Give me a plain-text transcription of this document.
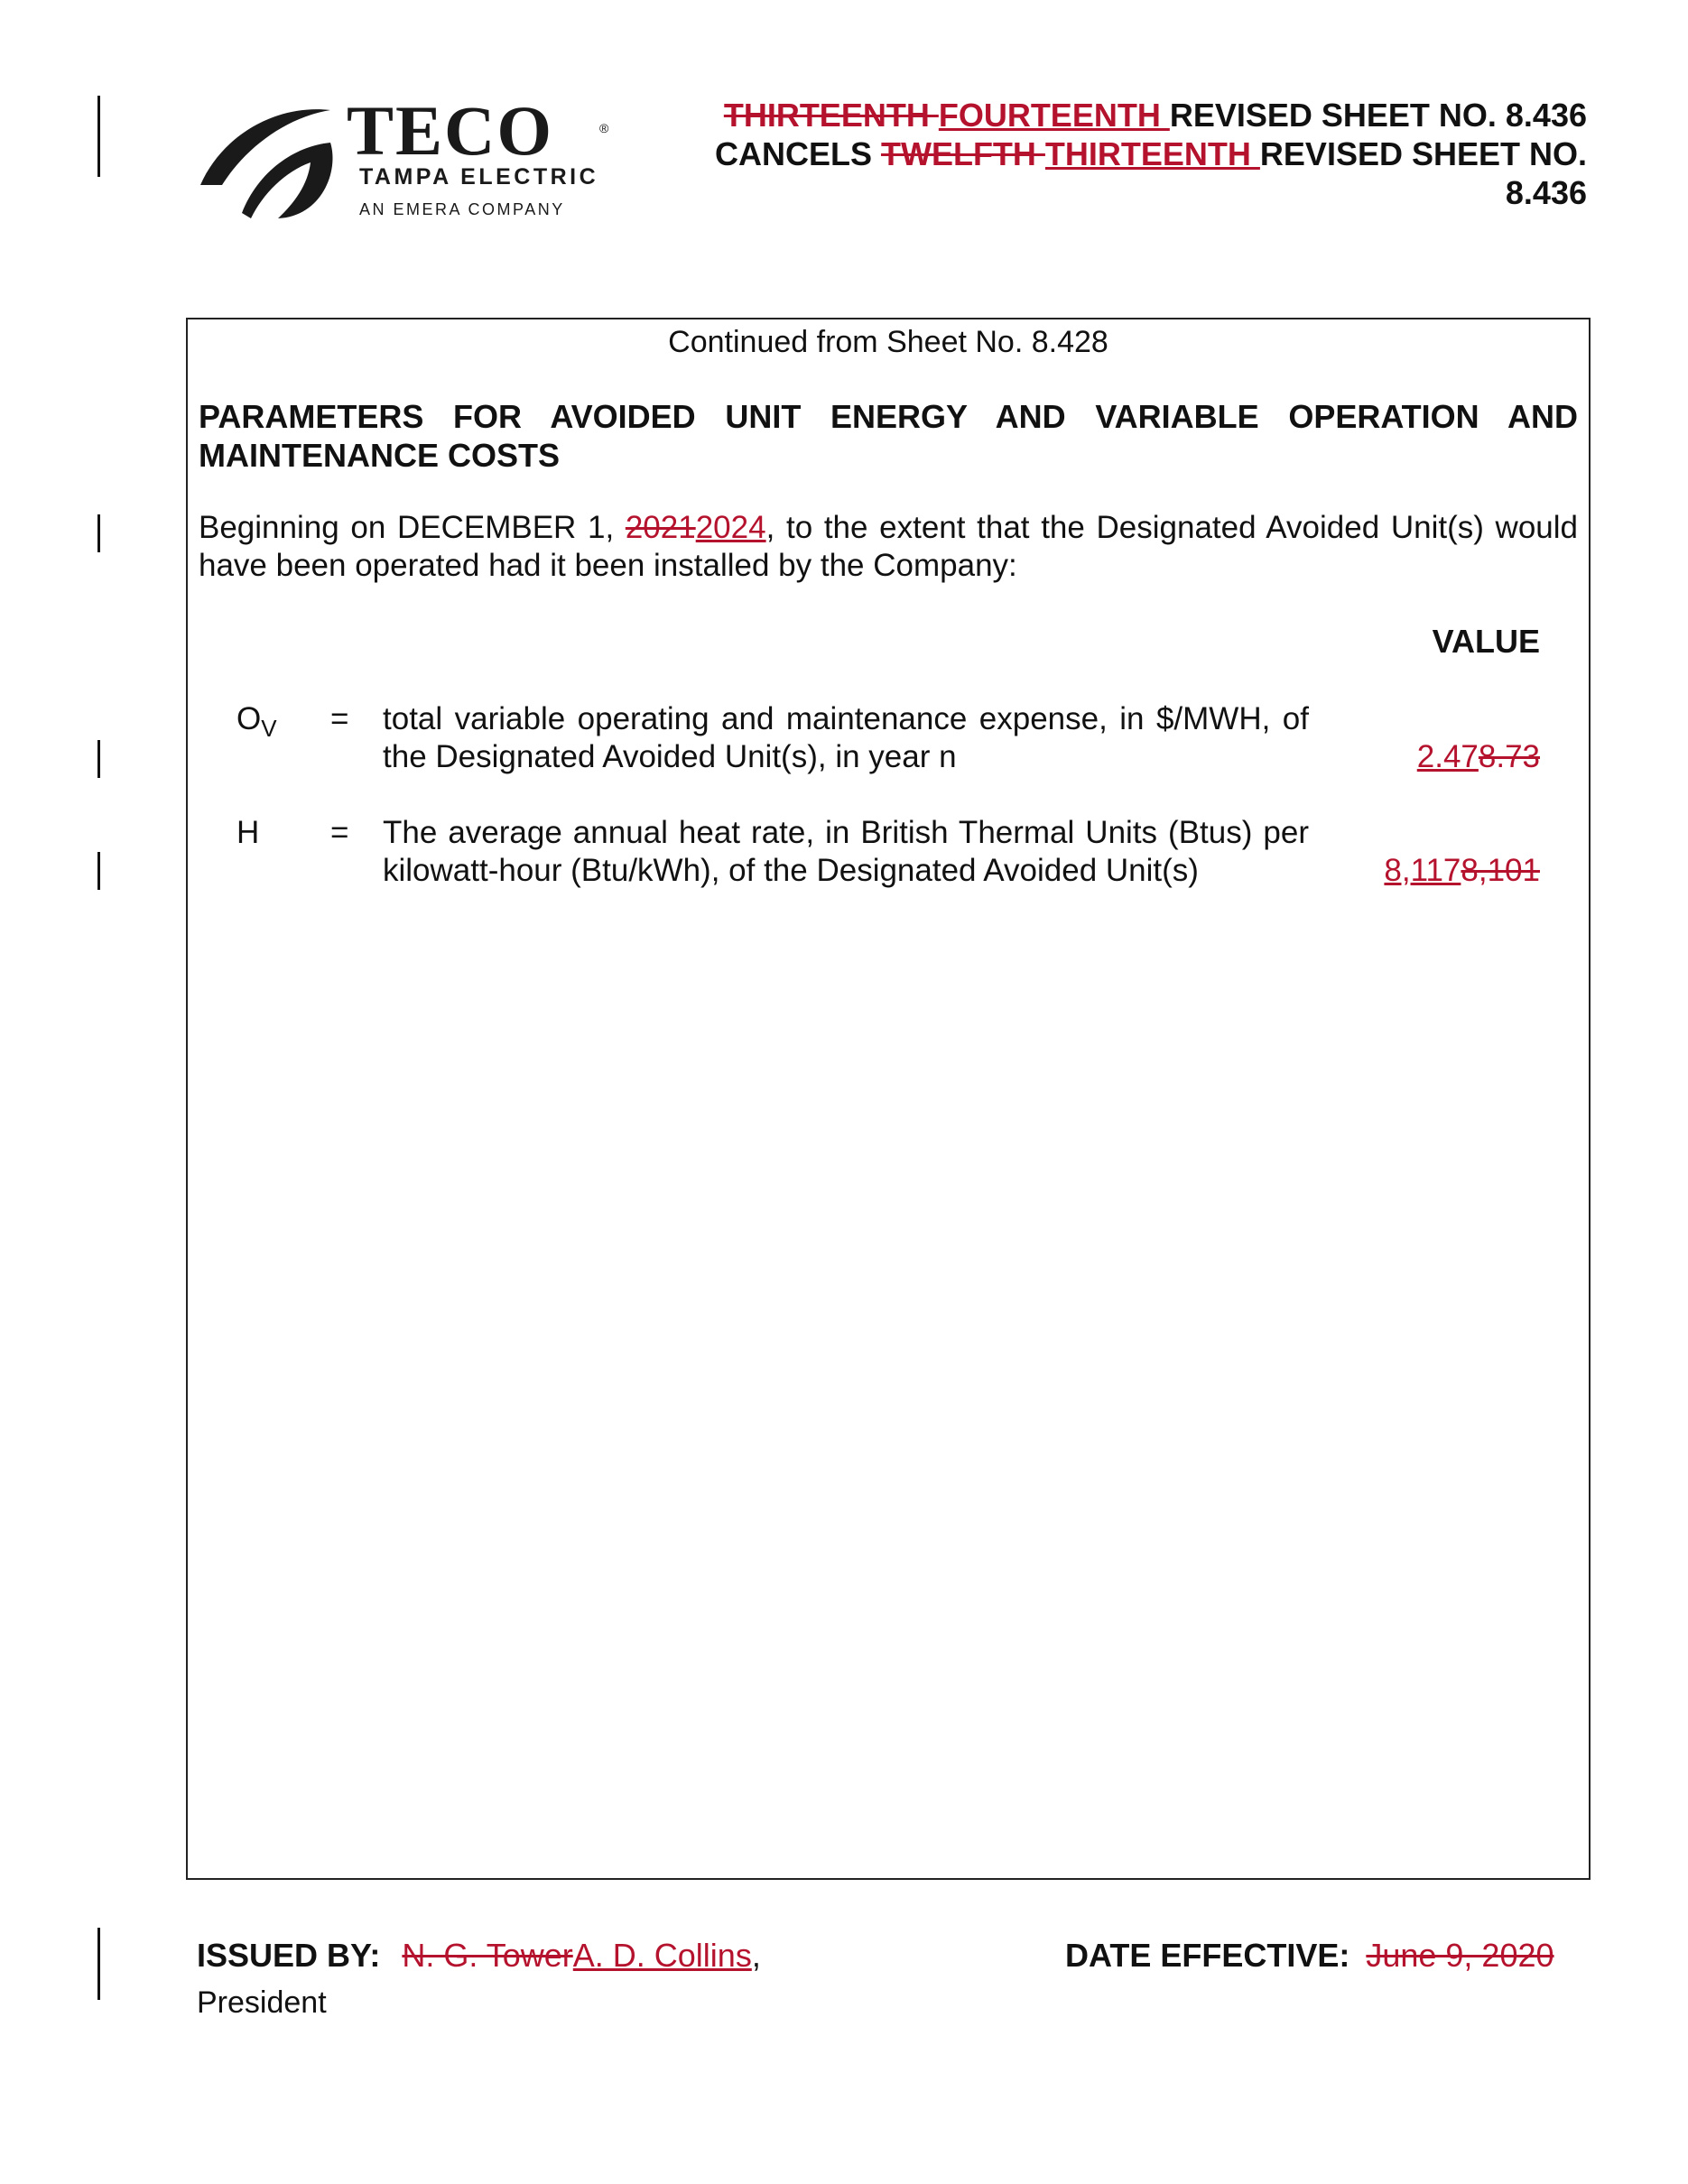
TECO	®
TAMPA ELECTRIC
AN EMERA COMPANY
THIRTEENTH FOURTEENTH REVISED SHEET NO. 8.436
CANCELS TWELFTH THIRTEENTH REVISED SHEET NO.
8.436
Continued from Sheet No. 8.428
PARAMETERS FOR AVOIDED UNIT ENERGY AND VARIABLE OPERATION AND MAINTENANCE COSTS
Beginning on DECEMBER 1, 20212024, to the extent that the Designated Avoided Unit(s) would have been operated had it been installed by the Company:
VALUE
$O_V$ = total variable operating and maintenance expense, in $/MWH, of the Designated Avoided Unit(s), in year n	2.478.73
H = The average annual heat rate, in British Thermal Units (Btus) per kilowatt-hour (Btu/kWh), of the Designated Avoided Unit(s)	8,1178,101
ISSUED BY: N. G. TowerA. D. Collins,
President
DATE EFFECTIVE: June 9, 2020
